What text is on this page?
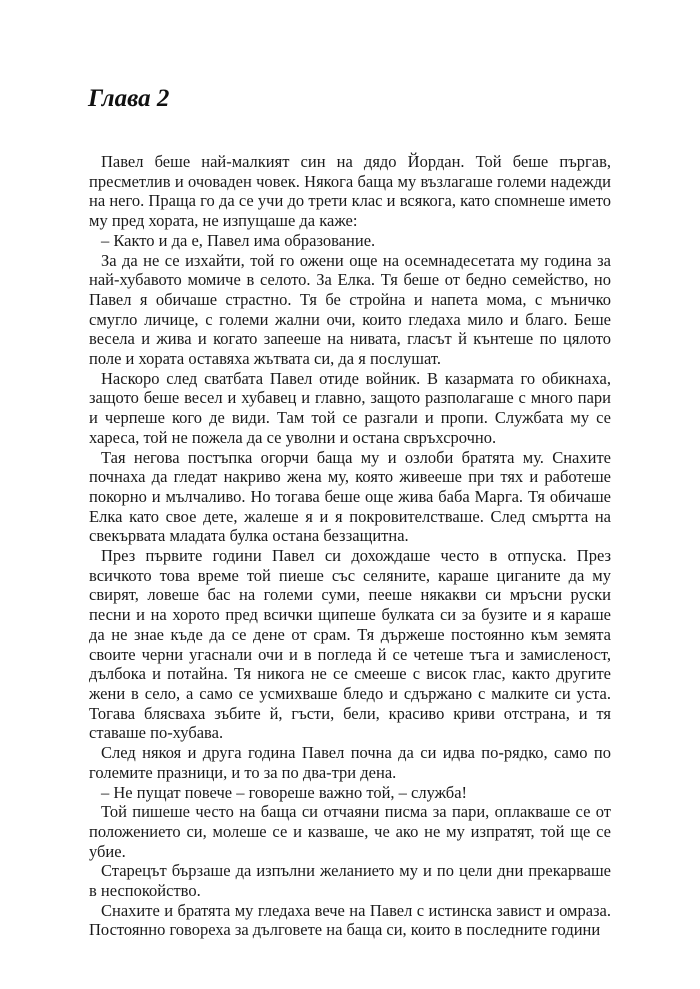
Глава 2

Павел беше най-малкият син на дядо Йордан. Той беше пъргав, пресметлив и очоваден човек. Някога баща му възлагаше големи надежди на него. Праща го да се учи до трети клас и всякога, като спомнеше името му пред хората, не изпущаше да каже:

– Както и да е, Павел има образование.

За да не се изхайти, той го ожени още на осемнадесетата му година за най-хубавото момиче в селото. За Елка. Тя беше от бедно семейство, но Павел я обичаше страстно. Тя бе стройна и напета мома, с мъничко смугло личице, с големи жални очи, които гледаха мило и благо. Беше весела и жива и когато запееше на нивата, гласът й кънтеше по цялото поле и хората оставяха жътвата си, да я послушат.

Наскоро след сватбата Павел отиде войник. В казармата го обикнаха, защото беше весел и хубавец и главно, защото разполагаше с много пари и черпеше кого де види. Там той се разгали и пропи. Службата му се хареса, той не пожела да се уволни и остана свръхсрочно.

Тая негова постъпка огорчи баща му и озлоби братята му. Снахите почнаха да гледат накриво жена му, която живееше при тях и работеше покорно и мълчаливо. Но тогава беше още жива баба Марга. Тя обичаше Елка като свое дете, жалеше я и я покровителстваше. След смъртта на свекървата младата булка остана беззащитна.

През първите години Павел си дохождаше често в отпуска. През всичкото това време той пиеше със селяните, караше циганите да му свирят, ловеше бас на големи суми, пееше някакви си мръсни руски песни и на хорото пред всички щипеше булката си за бузите и я караше да не знае къде да се дене от срам. Тя държеше постоянно към земята своите черни угаснали очи и в погледа й се четеше тъга и замисленост, дълбока и потайна. Тя никога не се смееше с висок глас, както другите жени в село, а само се усмихваше бледо и сдържано с малките си уста. Тогава блясваха зъбите й, гъсти, бели, красиво криви отстрана, и тя ставаше по-хубава.

След някоя и друга година Павел почна да си идва по-рядко, само по големите празници, и то за по два-три дена.

– Не пущат повече – говореше важно той, – служба!

Той пишеше често на баща си отчаяни писма за пари, оплакваше се от положението си, молеше се и казваше, че ако не му изпратят, той ще се убие.

Старецът бързаше да изпълни желанието му и по цели дни прекарваше в неспокойство.

Снахите и братята му гледаха вече на Павел с истинска завист и омраза. Постоянно говореха за дълговете на баща си, които в последните години
